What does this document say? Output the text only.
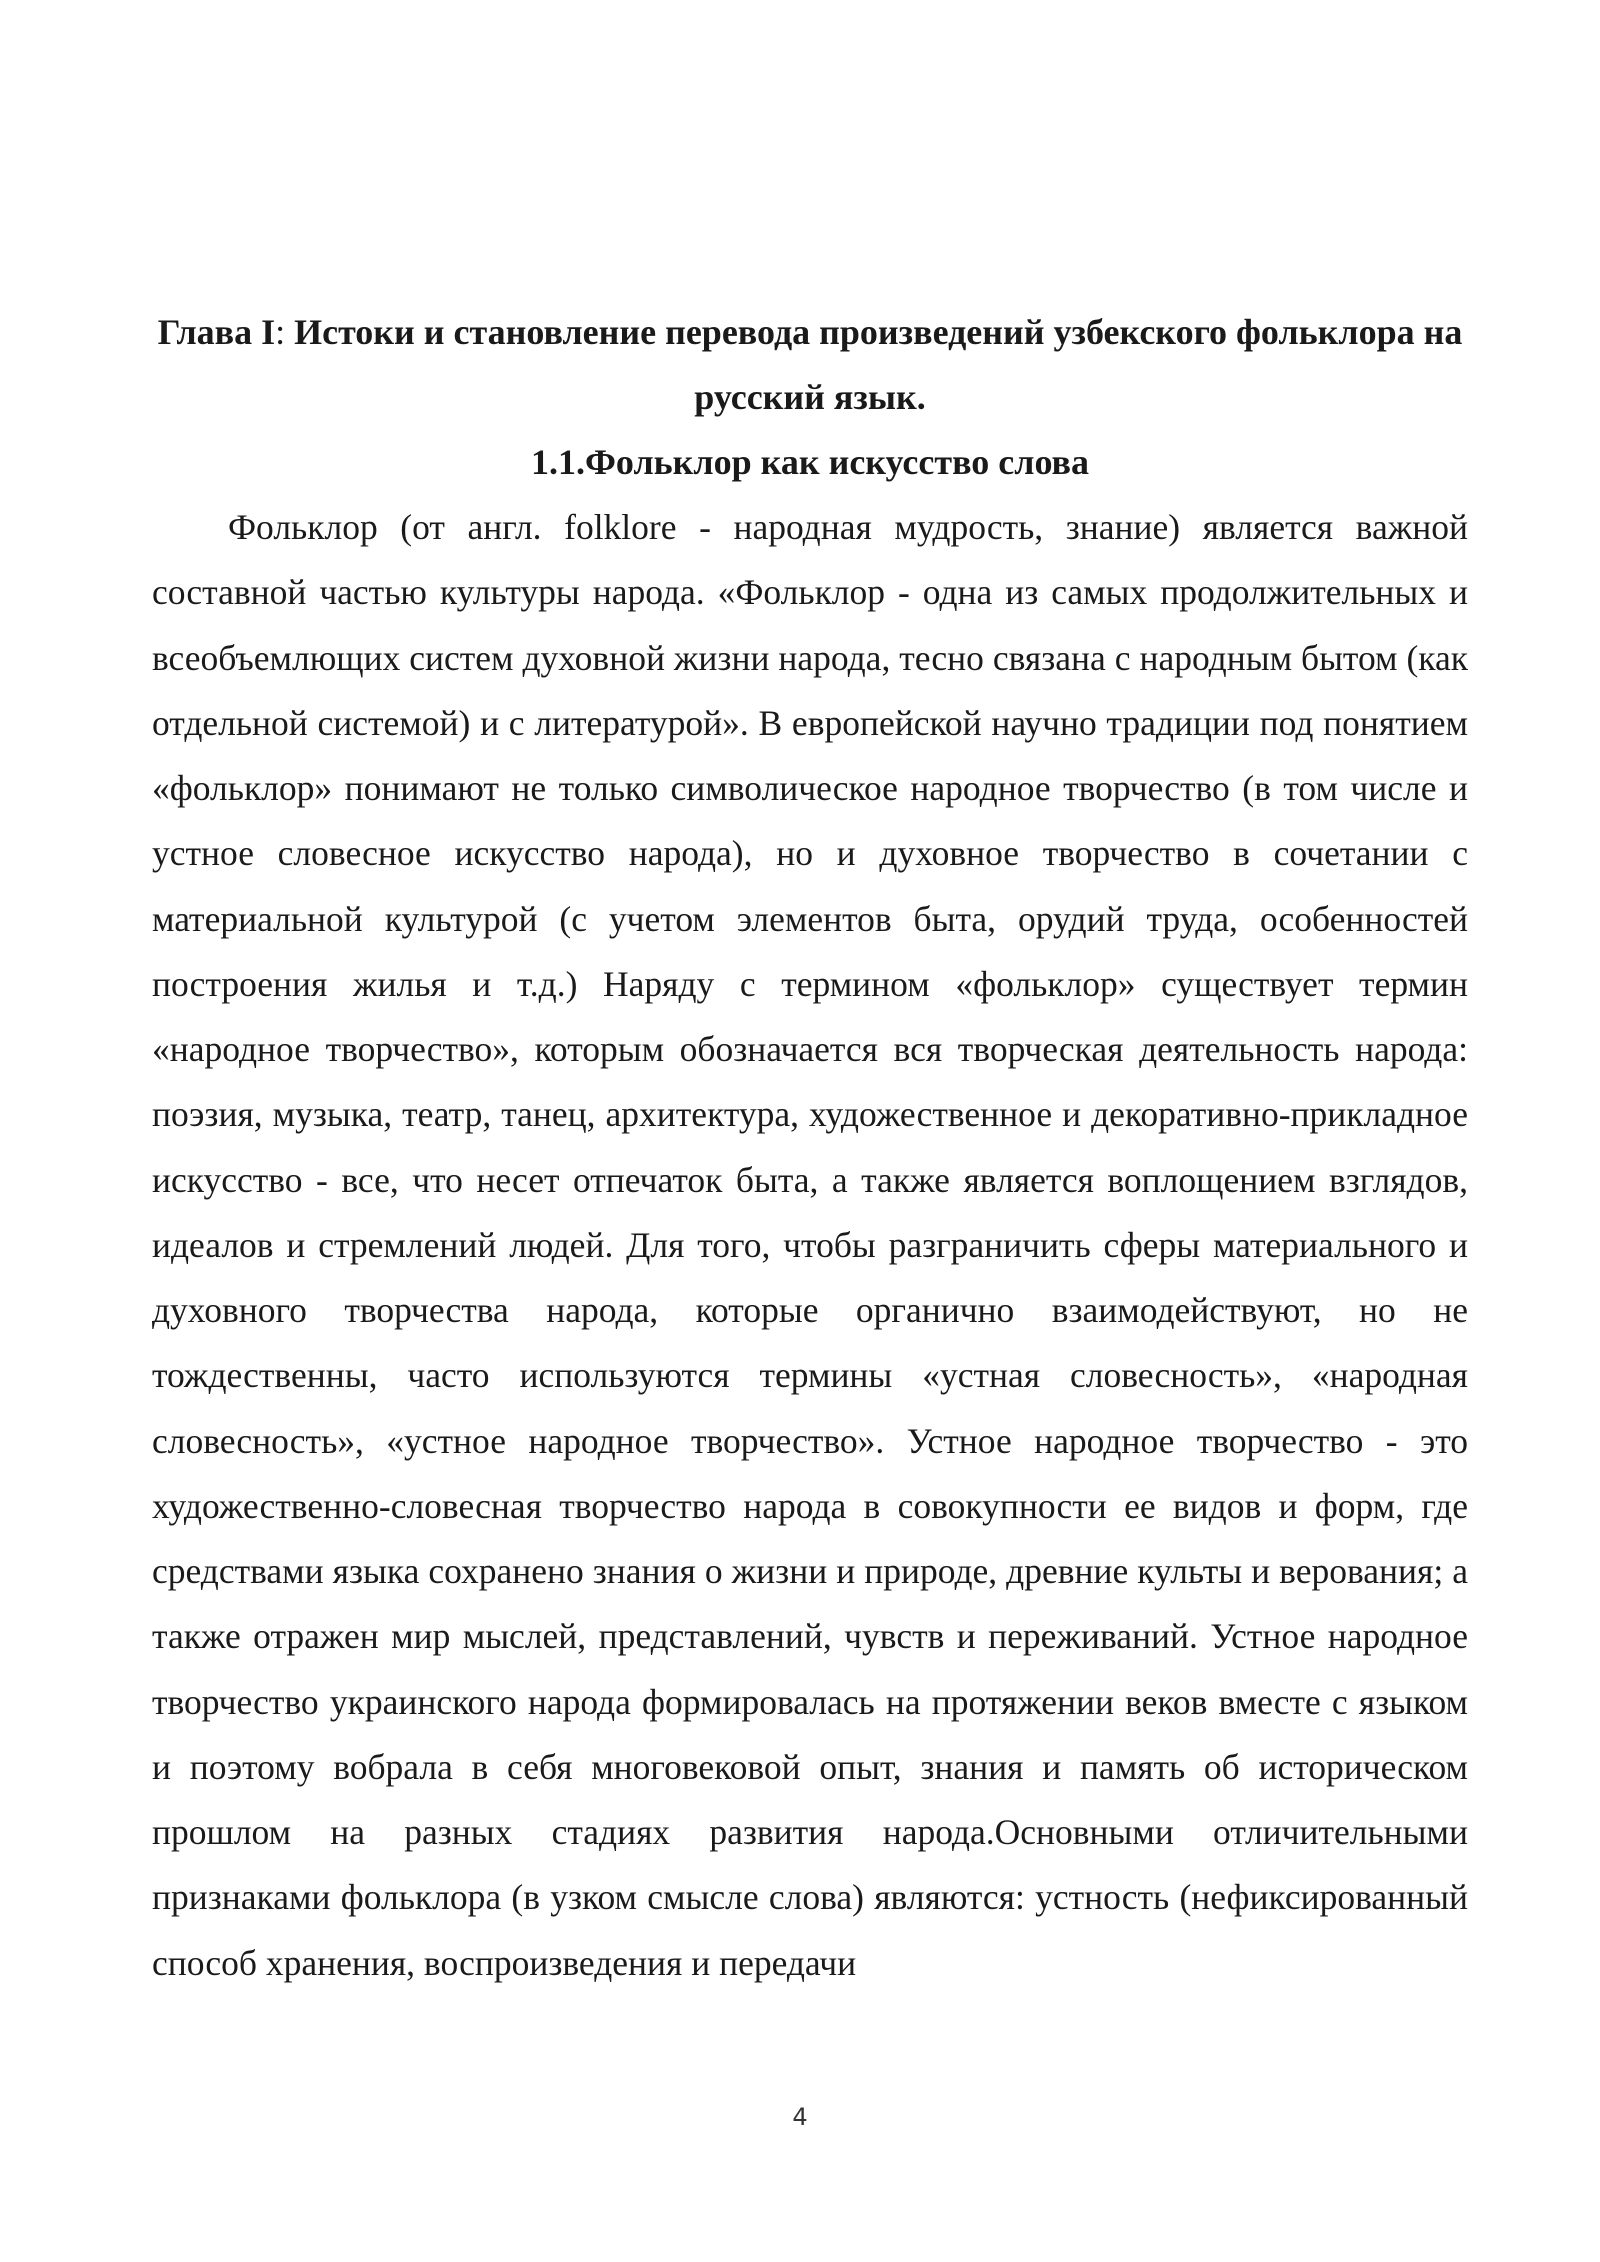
Глава I: Истоки и становление перевода произведений узбекского фольклора на русский язык.
1.1.Фольклор как искусство слова

Фольклор (от англ. folklore - народная мудрость, знание) является важной составной частью культуры народа. «Фольклор - одна из самых продолжительных и всеобъемлющих систем духовной жизни народа, тесно связана с народным бытом (как отдельной системой) и с литературой». В европейской научно традиции под понятием «фольклор» понимают не только символическое народное творчество (в том числе и устное словесное искусство народа), но и духовное творчество в сочетании с материальной культурой (с учетом элементов быта, орудий труда, особенностей построения жилья и т.д.) Наряду с термином «фольклор» существует термин «народное творчество», которым обозначается вся творческая деятельность народа: поэзия, музыка, театр, танец, архитектура, художественное и декоративно-прикладное искусство - все, что несет отпечаток быта, а также является воплощением взглядов, идеалов и стремлений людей. Для того, чтобы разграничить сферы материального и духовного творчества народа, которые органично взаимодействуют, но не тождественны, часто используются термины «устная словесность», «народная словесность», «устное народное творчество». Устное народное творчество - это художественно-словесная творчество народа в совокупности ее видов и форм, где средствами языка сохранено знания о жизни и природе, древние культы и верования; а также отражен мир мыслей, представлений, чувств и переживаний. Устное народное творчество украинского народа формировалась на протяжении веков вместе с языком и поэтому вобрала в себя многовековой опыт, знания и память об историческом прошлом на разных стадиях развития народа.Основными отличительными признаками фольклора (в узком смысле слова) являются: устность (нефиксированный способ хранения, воспроизведения и передачи

4
